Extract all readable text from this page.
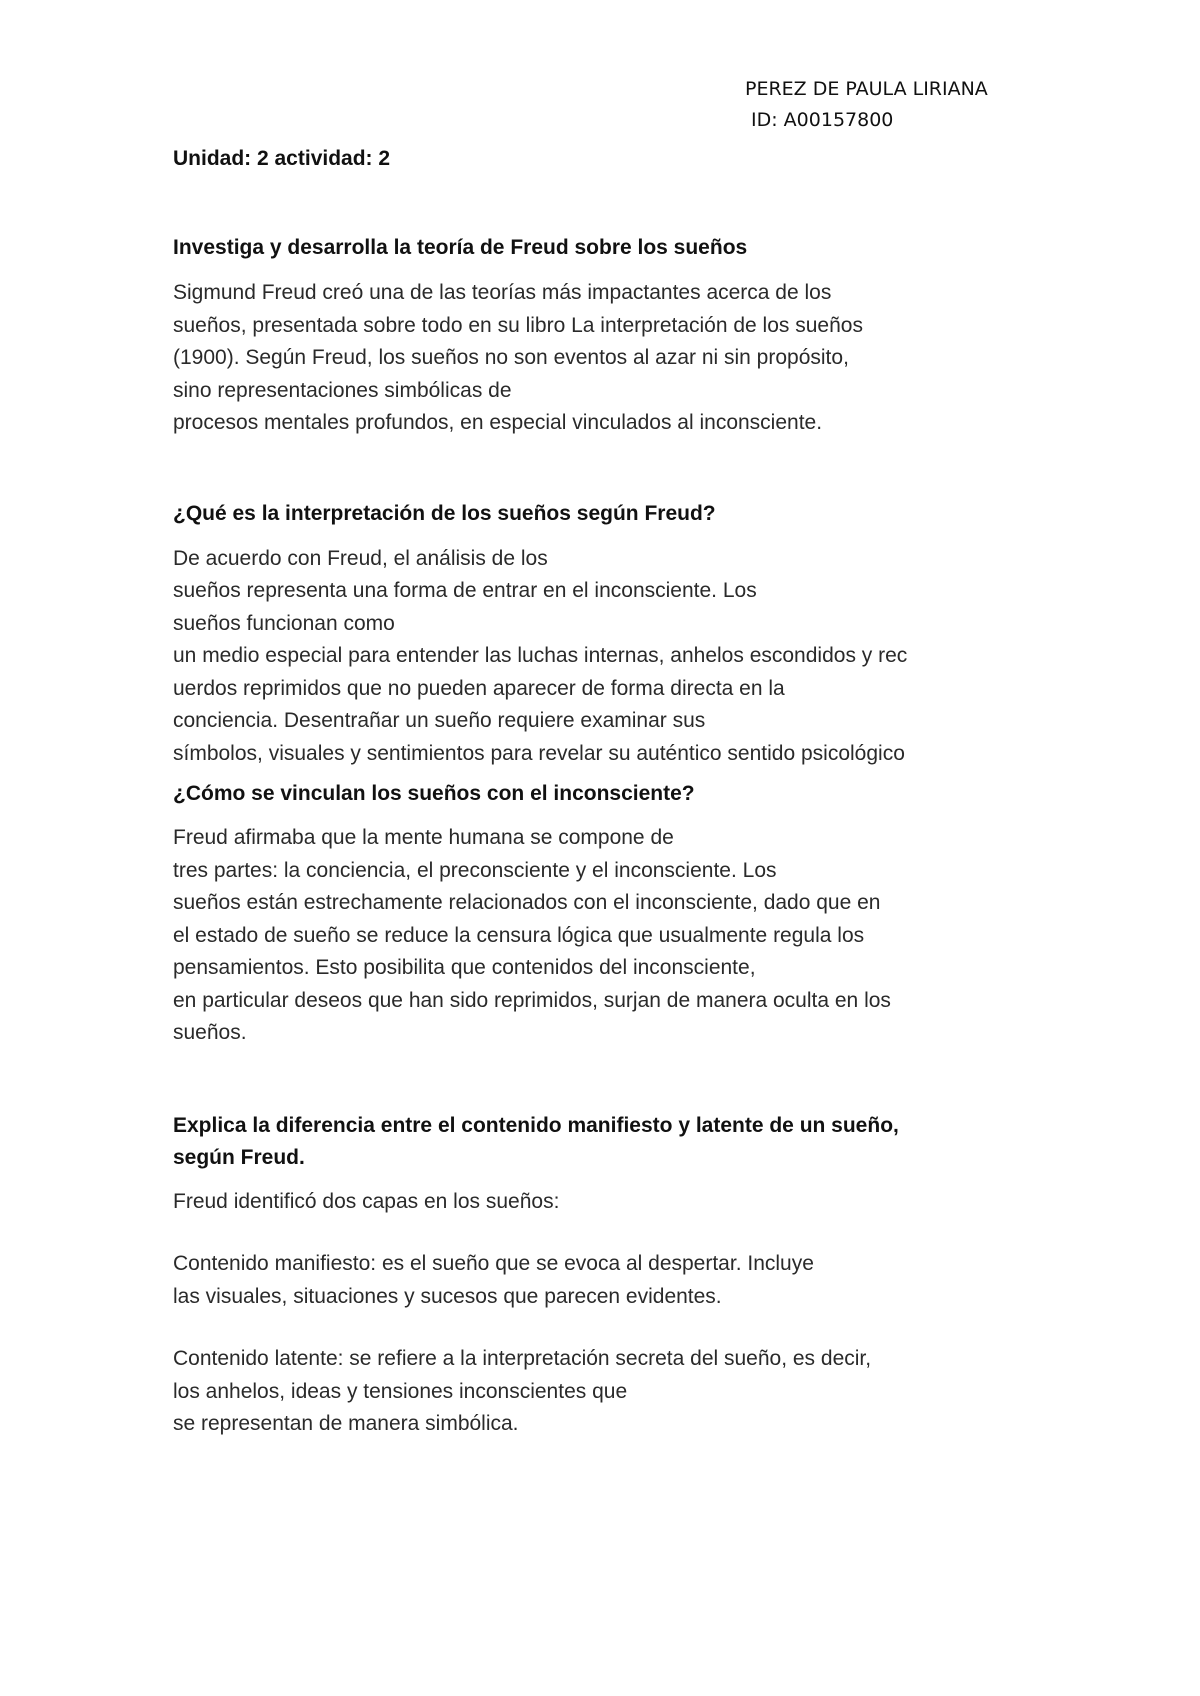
PEREZ DE PAULA LIRIANA
ID: A00157800
Unidad: 2 actividad: 2
Investiga y desarrolla la teoría de Freud sobre los sueños
Sigmund Freud creó una de las teorías más impactantes acerca de los
sueños, presentada sobre todo en su libro La interpretación de los sueños
(1900). Según Freud, los sueños no son eventos al azar ni sin propósito,
sino representaciones simbólicas de
procesos mentales profundos, en especial vinculados al inconsciente.
¿Qué es la interpretación de los sueños según Freud?
De acuerdo con Freud, el análisis de los
sueños representa una forma de entrar en el inconsciente. Los
sueños funcionan como
un medio especial para entender las luchas internas, anhelos escondidos y rec
uerdos reprimidos que no pueden aparecer de forma directa en la
conciencia. Desentrañar un sueño requiere examinar sus
símbolos, visuales y sentimientos para revelar su auténtico sentido psicológico
¿Cómo se vinculan los sueños con el inconsciente?
Freud afirmaba que la mente humana se compone de
tres partes: la conciencia, el preconsciente y el inconsciente. Los
sueños están estrechamente relacionados con el inconsciente, dado que en
el estado de sueño se reduce la censura lógica que usualmente regula los
pensamientos. Esto posibilita que contenidos del inconsciente,
en particular deseos que han sido reprimidos, surjan de manera oculta en los
sueños.
Explica la diferencia entre el contenido manifiesto y latente de un sueño,
según Freud.
Freud identificó dos capas en los sueños:
Contenido manifiesto: es el sueño que se evoca al despertar. Incluye
las visuales, situaciones y sucesos que parecen evidentes.
Contenido latente: se refiere a la interpretación secreta del sueño, es decir,
los anhelos, ideas y tensiones inconscientes que
se representan de manera simbólica.
